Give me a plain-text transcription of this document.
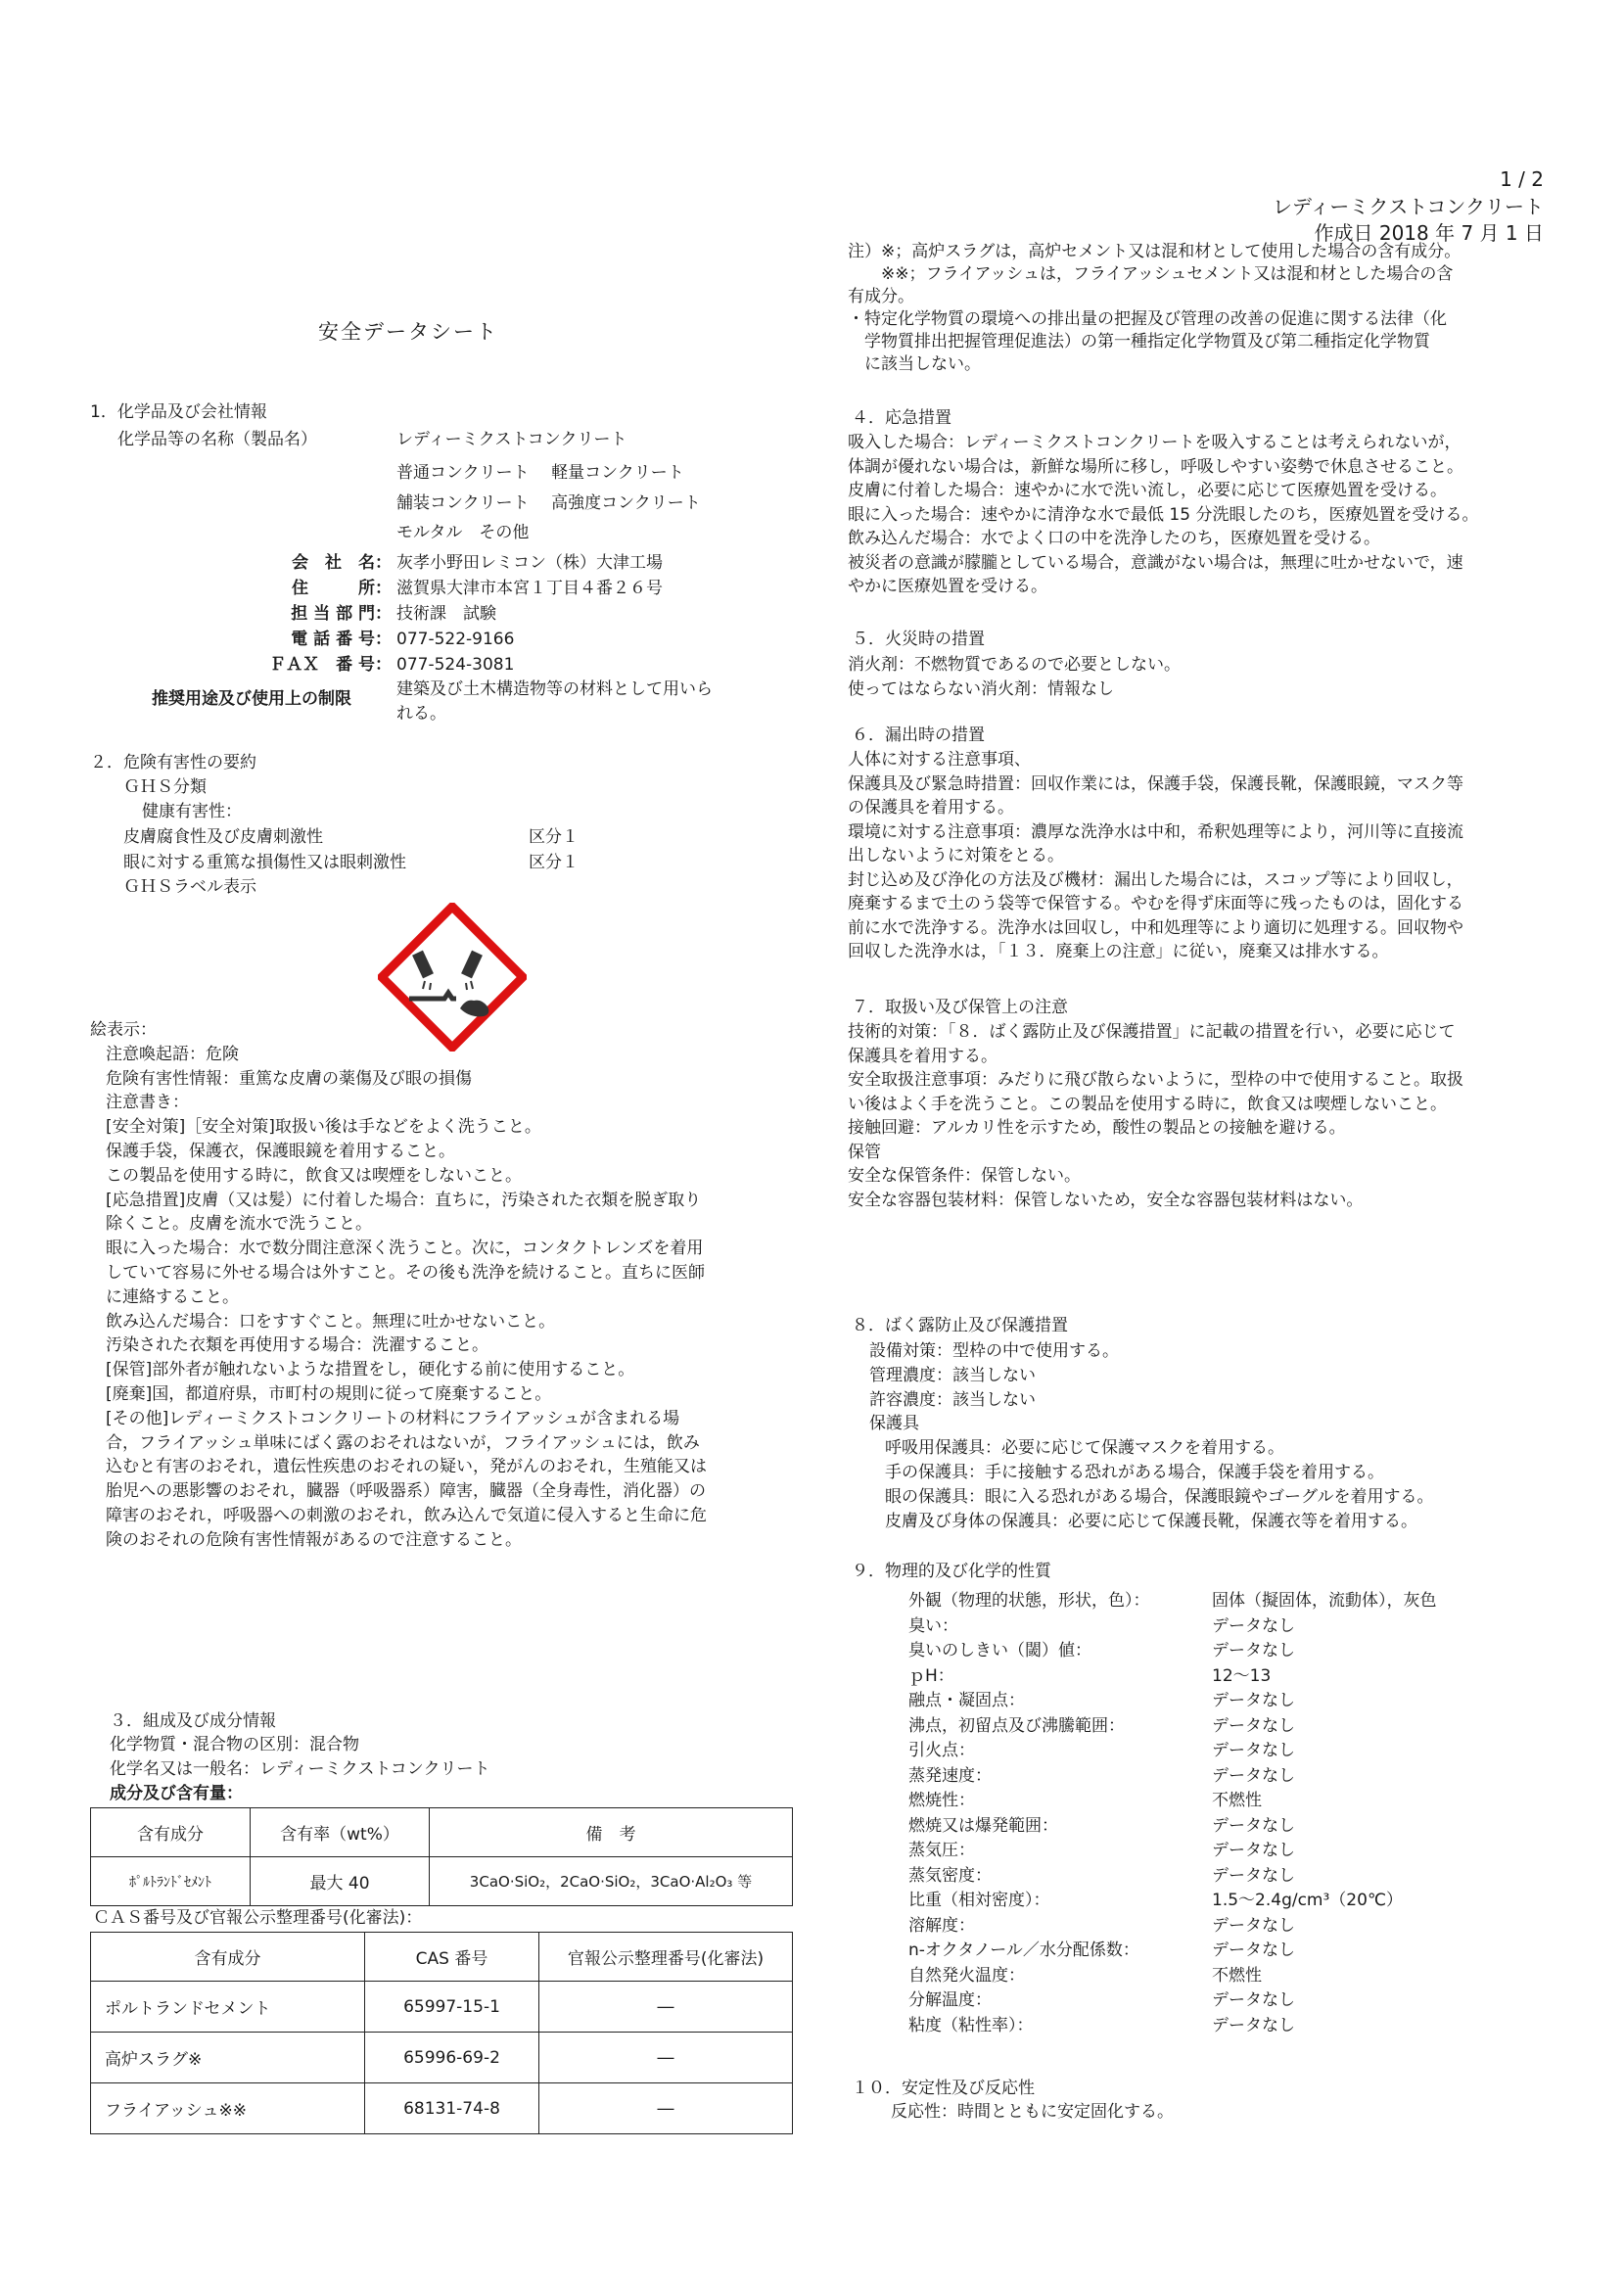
1 / 2
レディーミクストコンクリート
作成日 2018 年 7 月 1 日
安全データシート
1．化学品及び会社情報
化学品等の名称（製品名）	レディーミクストコンクリート
普通コンクリート　 軽量コンクリート
舗装コンクリート　 高強度コンクリート
モルタル　その他
会　社　名： 灰孝小野田レミコン（株）大津工場
住　　　所： 滋賀県大津市本宮１丁目４番２６号
担 当 部 門： 技術課　試験
電 話 番 号： 077-522-9166
ＦＡＸ　番 号： 077-524-3081
推奨用途及び使用上の制限	建築及び土木構造物等の材料として用いら
れる。
２．危険有害性の要約
ＧＨＳ分類
健康有害性：
皮膚腐食性及び皮膚刺激性	区分１
眼に対する重篤な損傷性又は眼刺激性	区分１
ＧＨＳラベル表示
絵表示：
注意喚起語：危険
危険有害性情報：重篤な皮膚の薬傷及び眼の損傷
注意書き：
[安全対策]［安全対策]取扱い後は手などをよく洗うこと。
保護手袋，保護衣，保護眼鏡を着用すること。
この製品を使用する時に，飲食又は喫煙をしないこと。
[応急措置]皮膚（又は髪）に付着した場合：直ちに，汚染された衣類を脱ぎ取り
除くこと。皮膚を流水で洗うこと。
眼に入った場合：水で数分間注意深く洗うこと。次に，コンタクトレンズを着用
していて容易に外せる場合は外すこと。その後も洗浄を続けること。直ちに医師
に連絡すること。
飲み込んだ場合：口をすすぐこと。無理に吐かせないこと。
汚染された衣類を再使用する場合：洗濯すること。
[保管]部外者が触れないような措置をし，硬化する前に使用すること。
[廃棄]国，都道府県，市町村の規則に従って廃棄すること。
[その他]レディーミクストコンクリートの材料にフライアッシュが含まれる場
合，フライアッシュ単味にばく露のおそれはないが，フライアッシュには，飲み
込むと有害のおそれ，遺伝性疾患のおそれの疑い，発がんのおそれ，生殖能又は
胎児への悪影響のおそれ，臓器（呼吸器系）障害，臓器（全身毒性，消化器）の
障害のおそれ，呼吸器への刺激のおそれ，飲み込んで気道に侵入すると生命に危
険のおそれの危険有害性情報があるので注意すること。
３．組成及び成分情報
化学物質・混合物の区別：混合物
化学名又は一般名：レディーミクストコンクリート
成分及び含有量：
含有成分	含有率（wt%）	備　考
ﾎﾟﾙﾄﾗﾝﾄﾞｾﾒﾝﾄ	最大 40	3CaO·SiO₂，2CaO·SiO₂，3CaO·Al₂O₃ 等
ＣＡＳ番号及び官報公示整理番号(化審法)：
含有成分	CAS 番号	官報公示整理番号(化審法)
ポルトランドセメント	65997-15-1	―
高炉スラグ※	65996-69-2	―
フライアッシュ※※	68131-74-8	―
注）※；高炉スラグは，高炉セメント又は混和材として使用した場合の含有成分。
　　※※；フライアッシュは，フライアッシュセメント又は混和材とした場合の含
有成分。
・特定化学物質の環境への排出量の把握及び管理の改善の促進に関する法律（化
　学物質排出把握管理促進法）の第一種指定化学物質及び第二種指定化学物質
　に該当しない。
４．応急措置
吸入した場合：レディーミクストコンクリートを吸入することは考えられないが，
体調が優れない場合は，新鮮な場所に移し，呼吸しやすい姿勢で休息させること。
皮膚に付着した場合：速やかに水で洗い流し，必要に応じて医療処置を受ける。
眼に入った場合：速やかに清浄な水で最低 15 分洗眼したのち，医療処置を受ける。
飲み込んだ場合：水でよく口の中を洗浄したのち，医療処置を受ける。
被災者の意識が朦朧としている場合，意識がない場合は，無理に吐かせないで，速
やかに医療処置を受ける。
５．火災時の措置
消火剤：不燃物質であるので必要としない。
使ってはならない消火剤：情報なし
６．漏出時の措置
人体に対する注意事項、
保護具及び緊急時措置：回収作業には，保護手袋，保護長靴，保護眼鏡，マスク等
の保護具を着用する。
環境に対する注意事項：濃厚な洗浄水は中和，希釈処理等により，河川等に直接流
出しないように対策をとる。
封じ込め及び浄化の方法及び機材：漏出した場合には，スコップ等により回収し，
廃棄するまで土のう袋等で保管する。やむを得ず床面等に残ったものは，固化する
前に水で洗浄する。洗浄水は回収し，中和処理等により適切に処理する。回収物や
回収した洗浄水は，「１３．廃棄上の注意」に従い，廃棄又は排水する。
７．取扱い及び保管上の注意
技術的対策：「８．ばく露防止及び保護措置」に記載の措置を行い，必要に応じて
保護具を着用する。
安全取扱注意事項：みだりに飛び散らないように，型枠の中で使用すること。取扱
い後はよく手を洗うこと。この製品を使用する時に，飲食又は喫煙しないこと。
接触回避：アルカリ性を示すため，酸性の製品との接触を避ける。
保管
安全な保管条件：保管しない。
安全な容器包装材料：保管しないため，安全な容器包装材料はない。
８．ばく露防止及び保護措置
設備対策：型枠の中で使用する。
管理濃度：該当しない
許容濃度：該当しない
保護具
呼吸用保護具：必要に応じて保護マスクを着用する。
手の保護具：手に接触する恐れがある場合，保護手袋を着用する。
眼の保護具：眼に入る恐れがある場合，保護眼鏡やゴーグルを着用する。
皮膚及び身体の保護具：必要に応じて保護長靴，保護衣等を着用する。
９．物理的及び化学的性質
外観（物理的状態，形状，色）：	固体（擬固体，流動体），灰色
臭い：	データなし
臭いのしきい（閾）値：	データなし
ｐH：	12～13
融点・凝固点：	データなし
沸点，初留点及び沸騰範囲：	データなし
引火点：	データなし
蒸発速度：	データなし
燃焼性：	不燃性
燃焼又は爆発範囲：	データなし
蒸気圧：	データなし
蒸気密度：	データなし
比重（相対密度）：	1.5～2.4g/cm³（20℃）
溶解度：	データなし
n-オクタノール／水分配係数：	データなし
自然発火温度：	不燃性
分解温度：	データなし
粘度（粘性率）：	データなし
１０．安定性及び反応性
反応性：時間とともに安定固化する。
